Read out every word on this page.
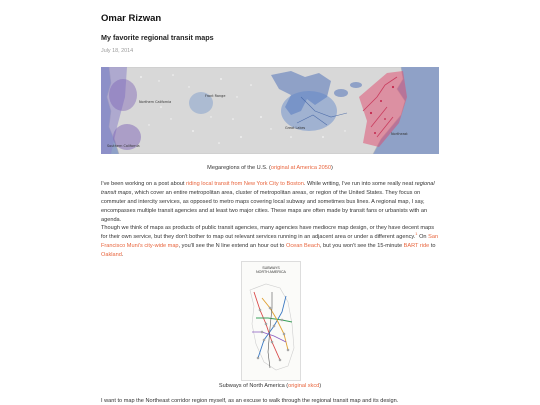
Omar Rizwan
My favorite regional transit maps
July 18, 2014
Northern California
Front Range
Southern California
Great Lakes
Northeast
Megaregions of the U.S. (original at America 2050)
I've been working on a post about riding local transit from New York City to Boston. While writing, I've run into some really neat regional transit maps, which cover an entire metropolitan area, cluster of metropolitan areas, or region of the United States. They focus on commuter and intercity services, as opposed to metro maps covering local subway and sometimes bus lines. A regional map, I say, encompasses multiple transit agencies and at least two major cities. These maps are often made by transit fans or urbanists with an agenda.
Though we think of maps as products of public transit agencies, many agencies have mediocre map design, or they have decent maps for their own service, but they don't bother to map out relevant services running in an adjacent area or under a different agency.$^1$ On San Francisco Muni's city-wide map, you'll see the N line extend an hour out to Ocean Beach, but you won't see the 15-minute BART ride to Oakland.
SUBWAYS
NORTH AMERICA
Subways of North America (original xkcd)
I want to map the Northeast corridor region myself, as an excuse to walk through the regional transit map and its design.
